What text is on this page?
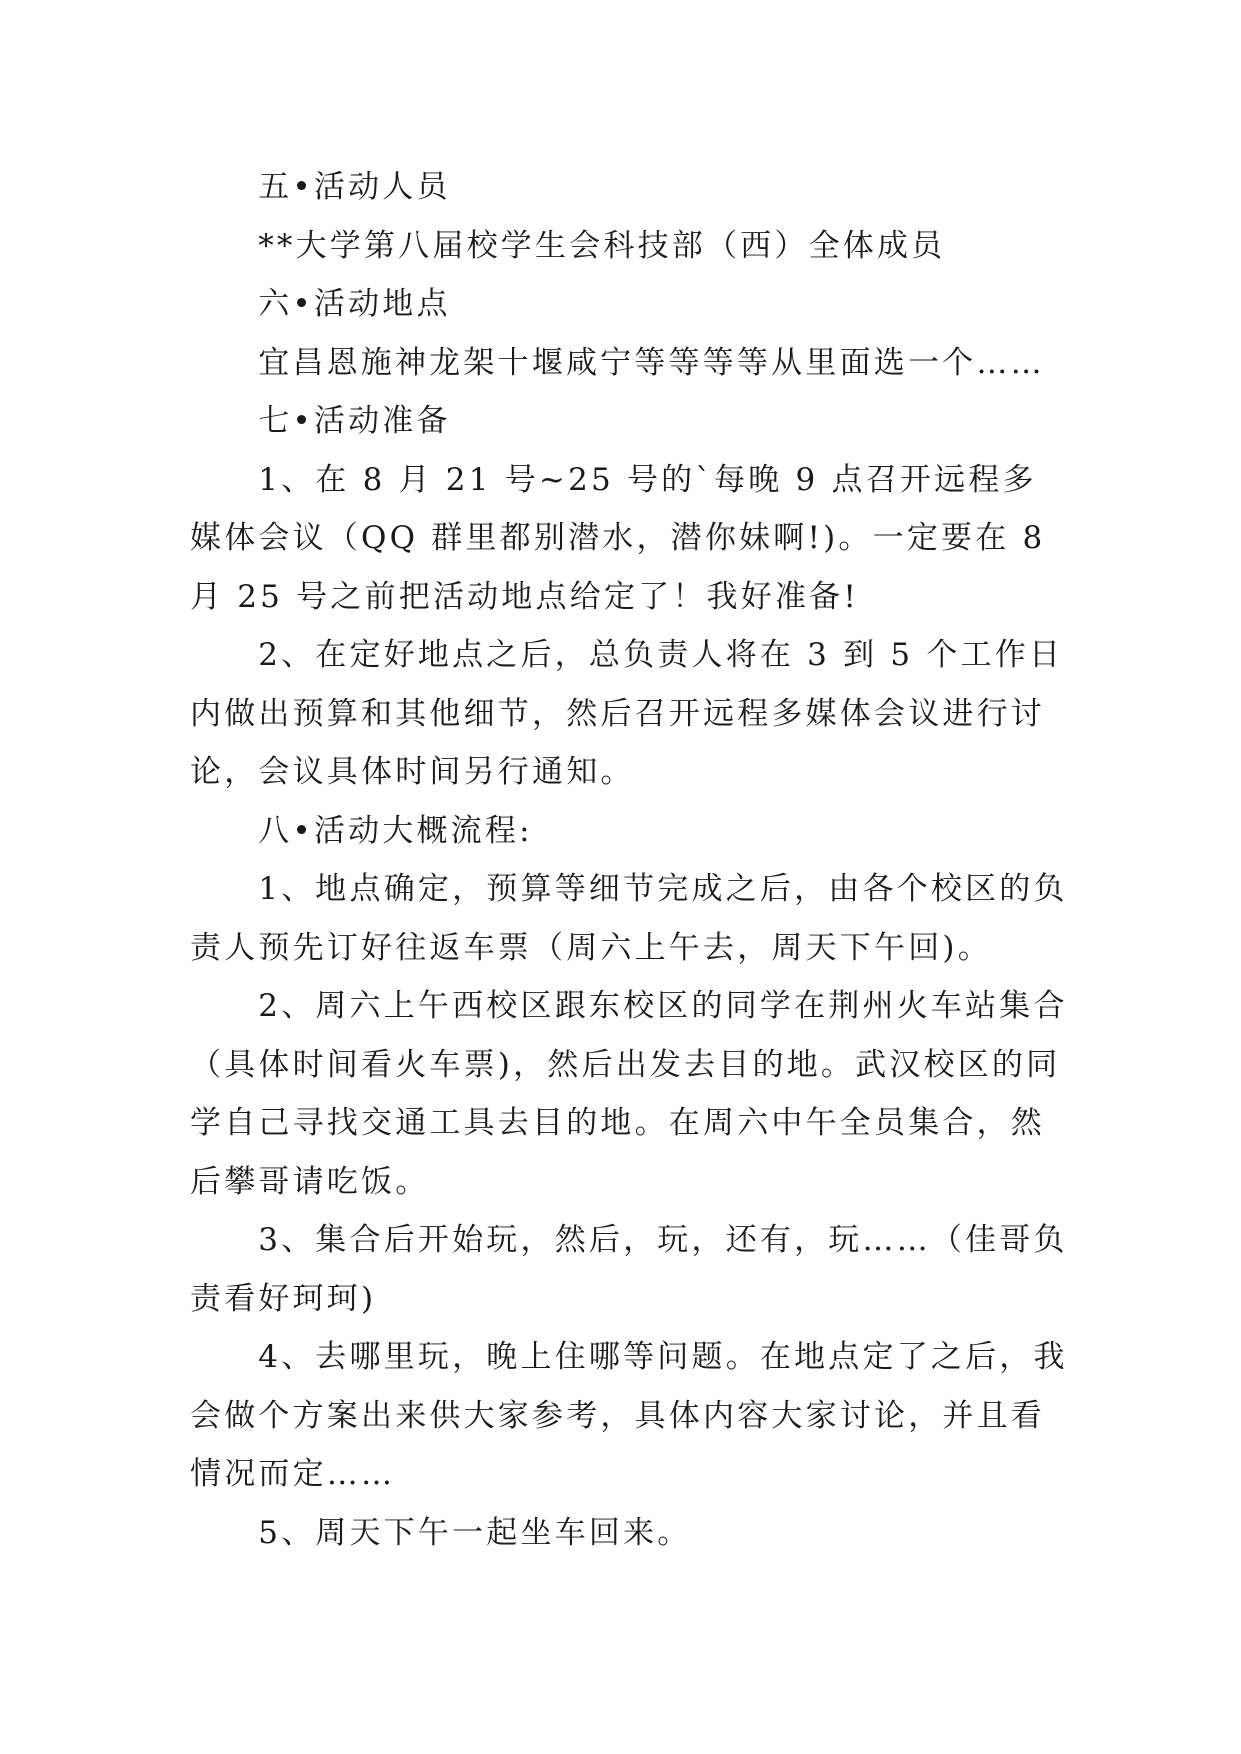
五•活动人员

**大学第八届校学生会科技部（西）全体成员

六•活动地点

宜昌恩施神龙架十堰咸宁等等等等从里面选一个……

七•活动准备

1、在 8 月 21 号~25 号的`每晚 9 点召开远程多媒体会议（QQ 群里都别潜水，潜你妹啊!)。一定要在 8 月 25 号之前把活动地点给定了！我好准备!

2、在定好地点之后，总负责人将在 3 到 5 个工作日内做出预算和其他细节，然后召开远程多媒体会议进行讨论，会议具体时间另行通知。

八•活动大概流程:

1、地点确定，预算等细节完成之后，由各个校区的负责人预先订好往返车票（周六上午去，周天下午回)。

2、周六上午西校区跟东校区的同学在荆州火车站集合（具体时间看火车票)，然后出发去目的地。武汉校区的同学自己寻找交通工具去目的地。在周六中午全员集合，然后攀哥请吃饭。

3、集合后开始玩，然后，玩，还有，玩……（佳哥负责看好珂珂)

4、去哪里玩，晚上住哪等问题。在地点定了之后，我会做个方案出来供大家参考，具体内容大家讨论，并且看情况而定……

5、周天下午一起坐车回来。
